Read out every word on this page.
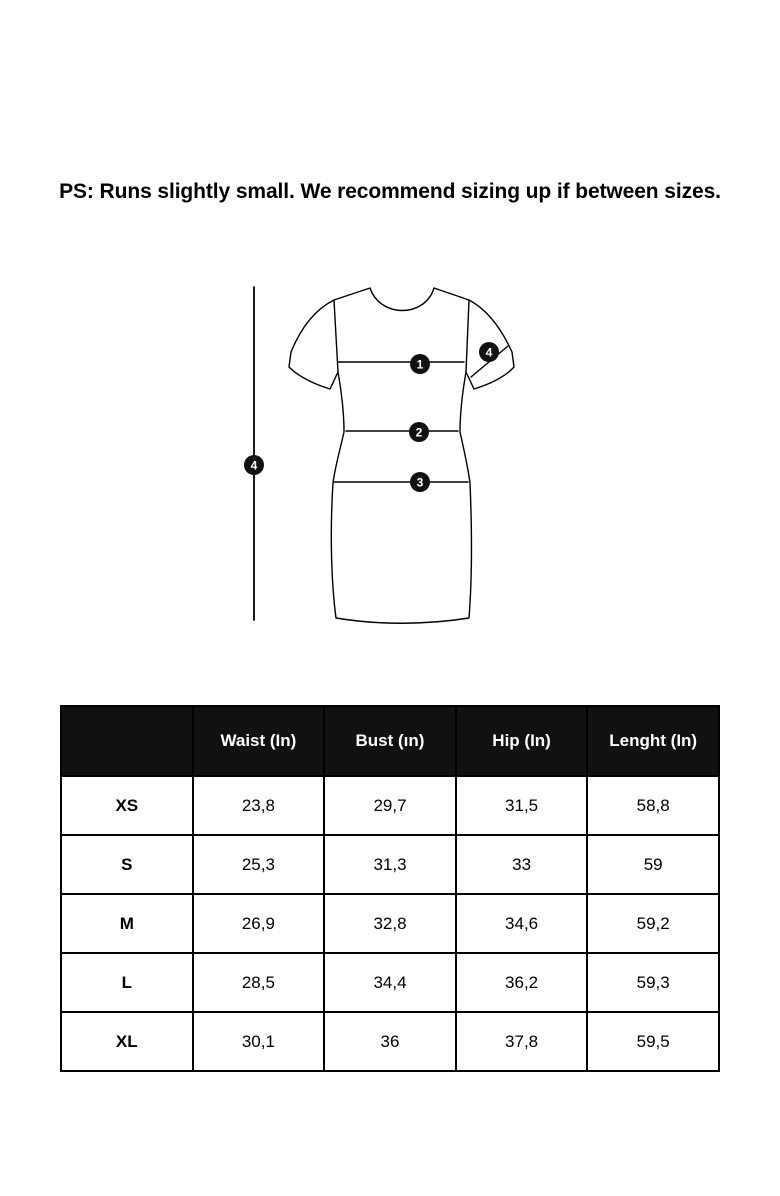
PS: Runs slightly small. We recommend sizing up if between sizes.
1
2
3
4
4
	Waist (In)	Bust (ın)	Hip (In)	Lenght (In)
XS	23,8	29,7	31,5	58,8
S	25,3	31,3	33	59
M	26,9	32,8	34,6	59,2
L	28,5	34,4	36,2	59,3
XL	30,1	36	37,8	59,5
